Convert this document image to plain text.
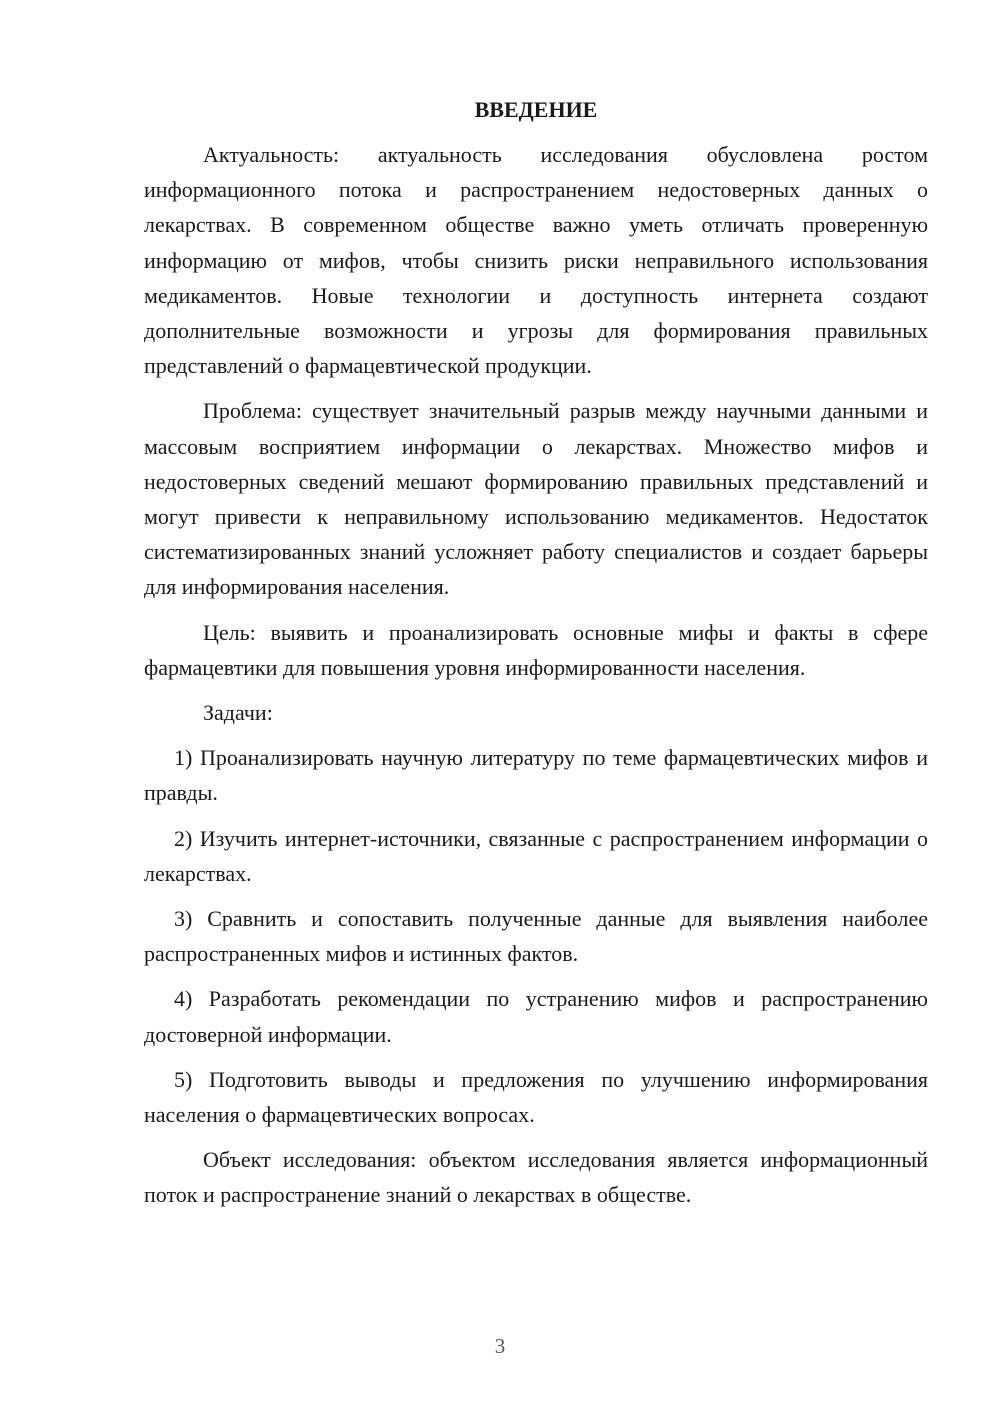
ВВЕДЕНИЕ

Актуальность: актуальность исследования обусловлена ростом информационного потока и распространением недостоверных данных о лекарствах. В современном обществе важно уметь отличать проверенную информацию от мифов, чтобы снизить риски неправильного использования медикаментов. Новые технологии и доступность интернета создают дополнительные возможности и угрозы для формирования правильных представлений о фармацевтической продукции.

Проблема: существует значительный разрыв между научными данными и массовым восприятием информации о лекарствах. Множество мифов и недостоверных сведений мешают формированию правильных представлений и могут привести к неправильному использованию медикаментов. Недостаток систематизированных знаний усложняет работу специалистов и создает барьеры для информирования населения.

Цель: выявить и проанализировать основные мифы и факты в сфере фармацевтики для повышения уровня информированности населения.

Задачи:

1) Проанализировать научную литературу по теме фармацевтических мифов и правды.

2) Изучить интернет-источники, связанные с распространением информации о лекарствах.

3) Сравнить и сопоставить полученные данные для выявления наиболее распространенных мифов и истинных фактов.

4) Разработать рекомендации по устранению мифов и распространению достоверной информации.

5) Подготовить выводы и предложения по улучшению информирования населения о фармацевтических вопросах.

Объект исследования: объектом исследования является информационный поток и распространение знаний о лекарствах в обществе.

3
